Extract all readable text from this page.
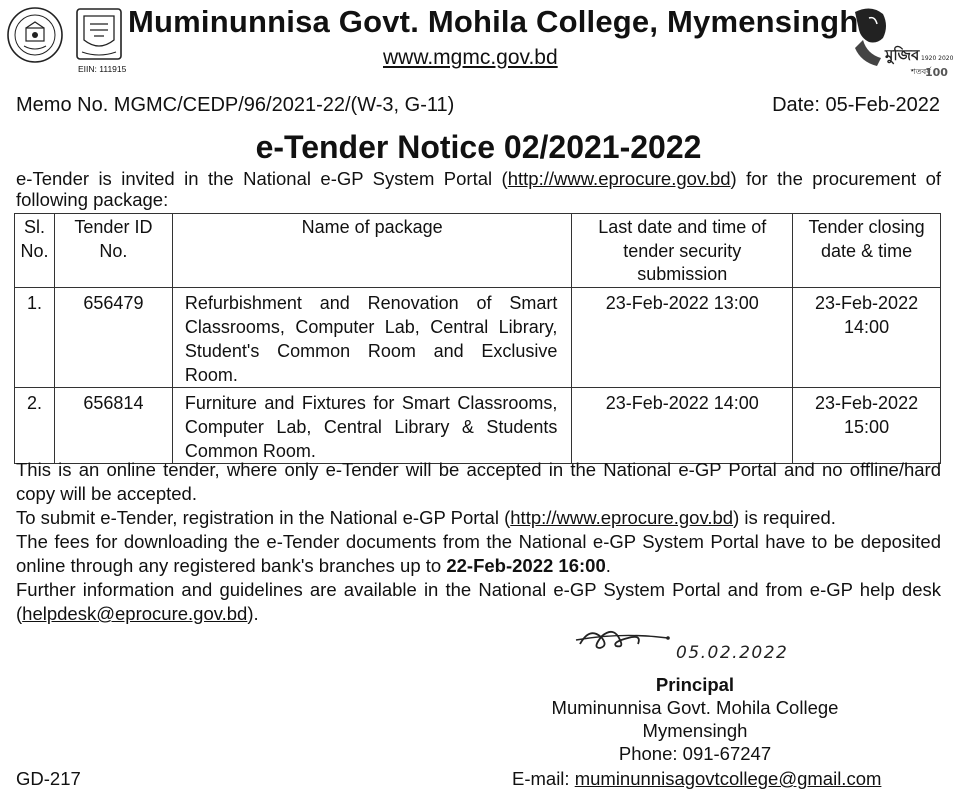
EIIN: 111915
Muminunnisa Govt. Mohila College, Mymensingh
www.mgmc.gov.bd	মুজিব 1920 2020
শতবর্ষ
100
Memo No. MGMC/CEDP/96/2021-22/(W-3, G-11)	Date: 05-Feb-2022
e-Tender Notice 02/2021-2022
e-Tender is invited in the National e-GP System Portal (http://www.eprocure.gov.bd) for the procurement of following package:
Sl. No.	Tender ID No.	Name of package	Last date and time of tender security submission	Tender closing date & time
1.	656479	Refurbishment and Renovation of Smart Classrooms, Computer Lab, Central Library, Student's Common Room and Exclusive Room.	23-Feb-2022 13:00	23-Feb-2022
14:00
2.	656814	Furniture and Fixtures for Smart Classrooms, Computer Lab, Central Library & Students Common Room.	23-Feb-2022 14:00	23-Feb-2022
15:00

This is an online tender, where only e-Tender will be accepted in the National e-GP Portal and no offline/hard copy will be accepted.

To submit e-Tender, registration in the National e-GP Portal (http://www.eprocure.gov.bd) is required.

The fees for downloading the e-Tender documents from the National e-GP System Portal have to be deposited online through any registered bank's branches up to 22-Feb-2022 16:00.

Further information and guidelines are available in the National e-GP System Portal and from e-GP help desk (helpdesk@eprocure.gov.bd).

05.02.2022
Principal
Muminunnisa Govt. Mohila College
Mymensingh
Phone: 091-67247
E-mail: muminunnisagovtcollege@gmail.com
GD-217
